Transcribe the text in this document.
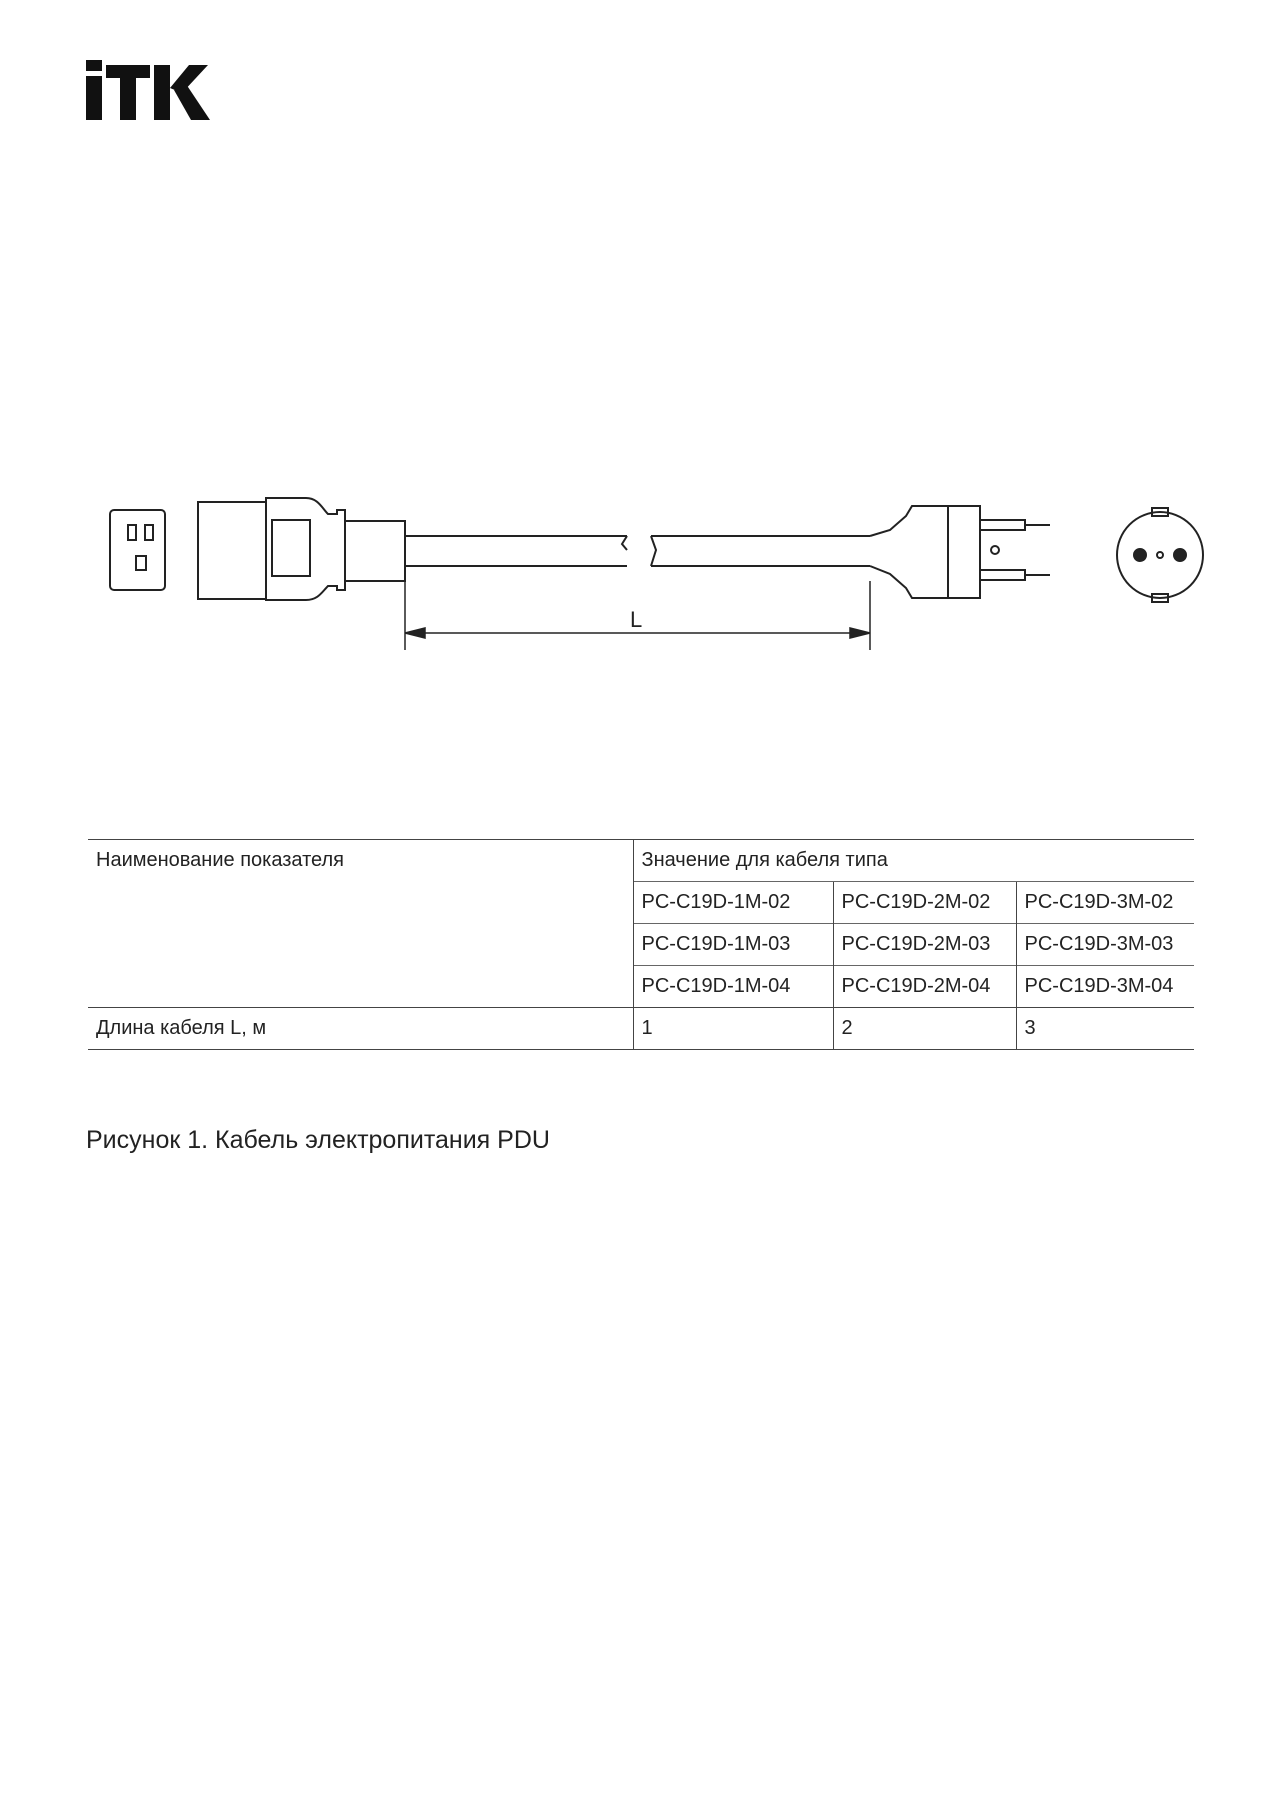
L
Наименование показателя	Значение для кабеля типа		
	PC-C19D-1M-02	PC-C19D-2M-02	PC-C19D-3M-02
	PC-C19D-1M-03	PC-C19D-2M-03	PC-C19D-3M-03
	PC-C19D-1M-04	PC-C19D-2M-04	PC-C19D-3M-04
Длина кабеля L, м	1	2	3
Рисунок 1. Кабель электропитания PDU
